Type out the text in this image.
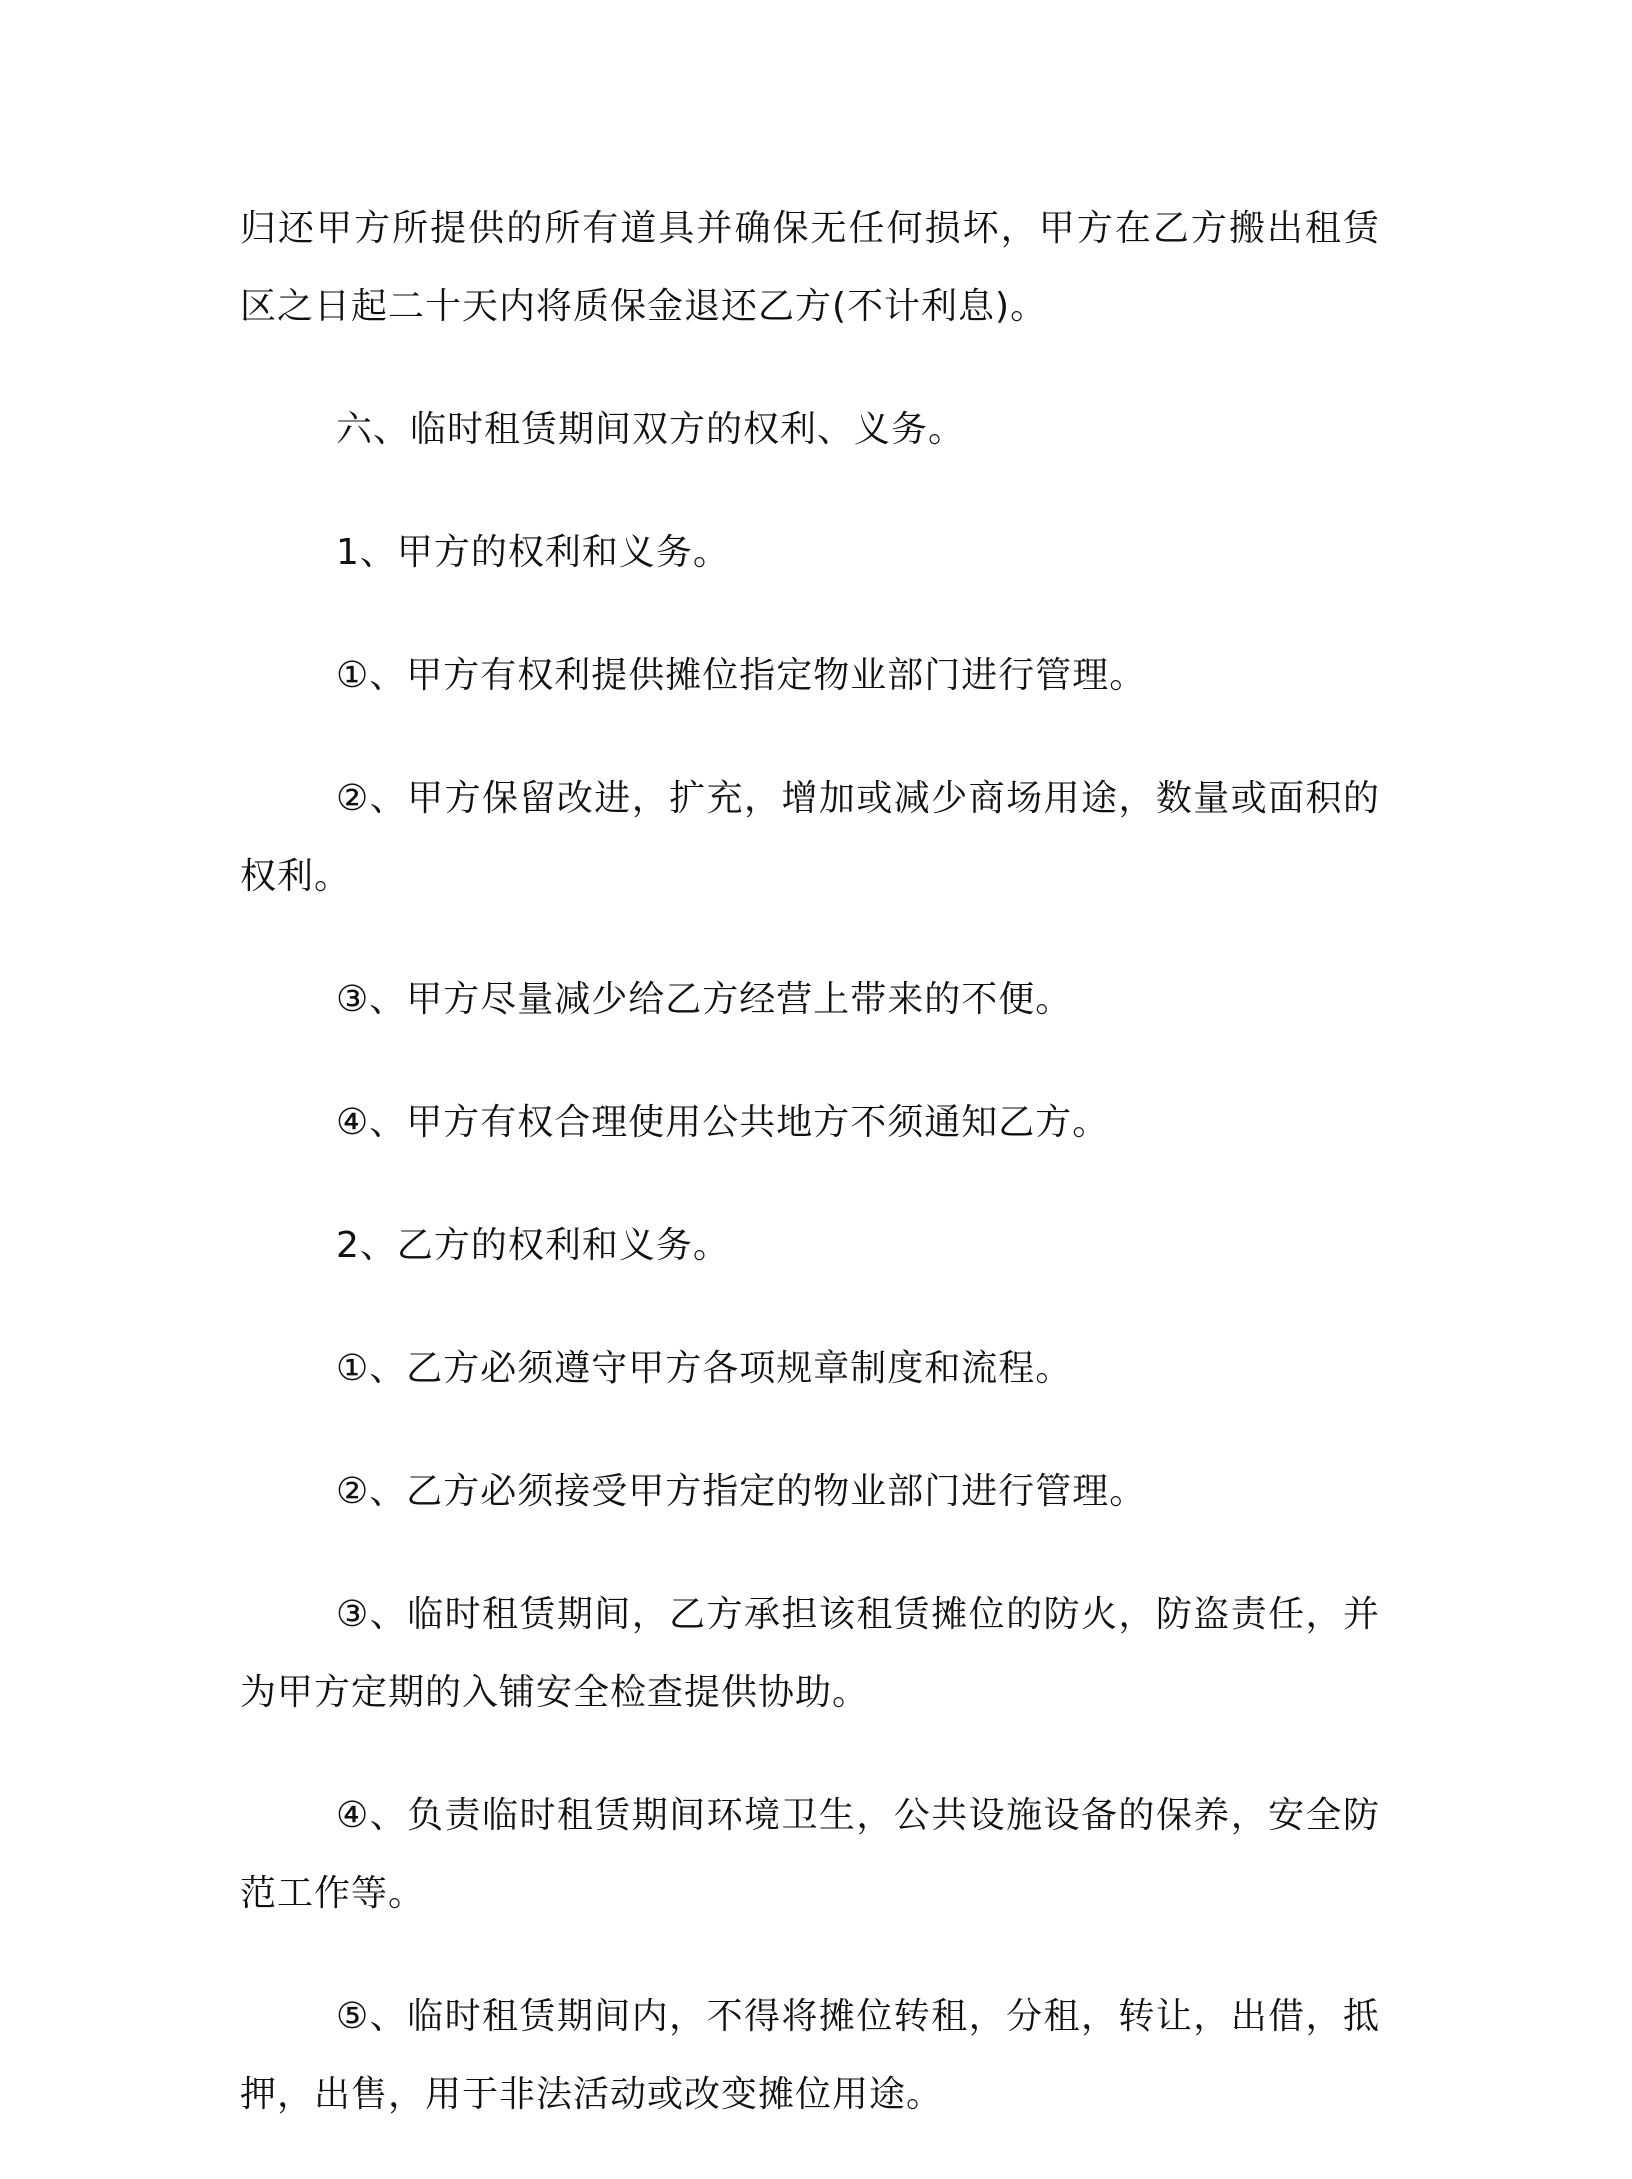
归还甲方所提供的所有道具并确保无任何损坏，甲方在乙方搬出租赁区之日起二十天内将质保金退还乙方(不计利息)。

六、临时租赁期间双方的权利、义务。

1、甲方的权利和义务。

①、甲方有权利提供摊位指定物业部门进行管理。

②、甲方保留改进，扩充，增加或减少商场用途，数量或面积的权利。

③、甲方尽量减少给乙方经营上带来的不便。

④、甲方有权合理使用公共地方不须通知乙方。

2、乙方的权利和义务。

①、乙方必须遵守甲方各项规章制度和流程。

②、乙方必须接受甲方指定的物业部门进行管理。

③、临时租赁期间，乙方承担该租赁摊位的防火，防盗责任，并为甲方定期的入铺安全检查提供协助。

④、负责临时租赁期间环境卫生，公共设施设备的保养，安全防范工作等。

⑤、临时租赁期间内，不得将摊位转租，分租，转让，出借，抵押，出售，用于非法活动或改变摊位用途。
